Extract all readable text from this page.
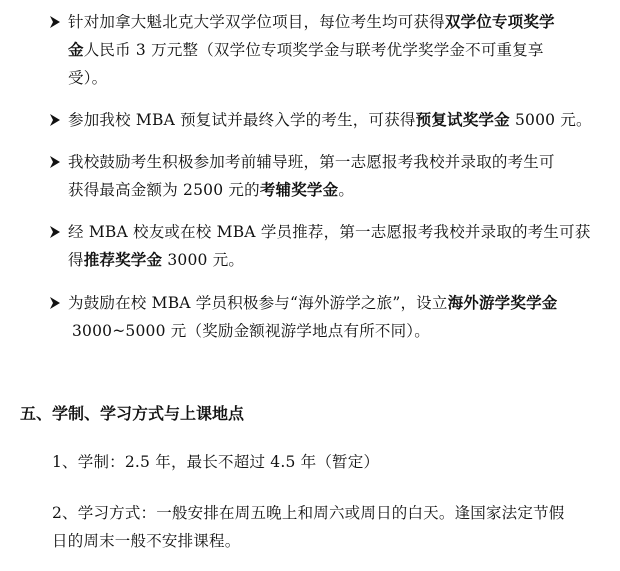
针对加拿大魁北克大学双学位项目，每位考生均可获得双学位专项奖学
金人民币 3 万元整（双学位专项奖学金与联考优学奖学金不可重复享
受）。
参加我校 MBA 预复试并最终入学的考生，可获得预复试奖学金 5000 元。
我校鼓励考生积极参加考前辅导班，第一志愿报考我校并录取的考生可
获得最高金额为 2500 元的考辅奖学金。
经 MBA 校友或在校 MBA 学员推荐，第一志愿报考我校并录取的考生可获
得推荐奖学金 3000 元。
为鼓励在校 MBA 学员积极参与“海外游学之旅”，设立海外游学奖学金
3000~5000 元（奖励金额视游学地点有所不同）。
五、学制、学习方式与上课地点
1、学制：2.5 年，最长不超过 4.5 年（暂定）
2、学习方式：一般安排在周五晚上和周六或周日的白天。逢国家法定节假
日的周末一般不安排课程。
